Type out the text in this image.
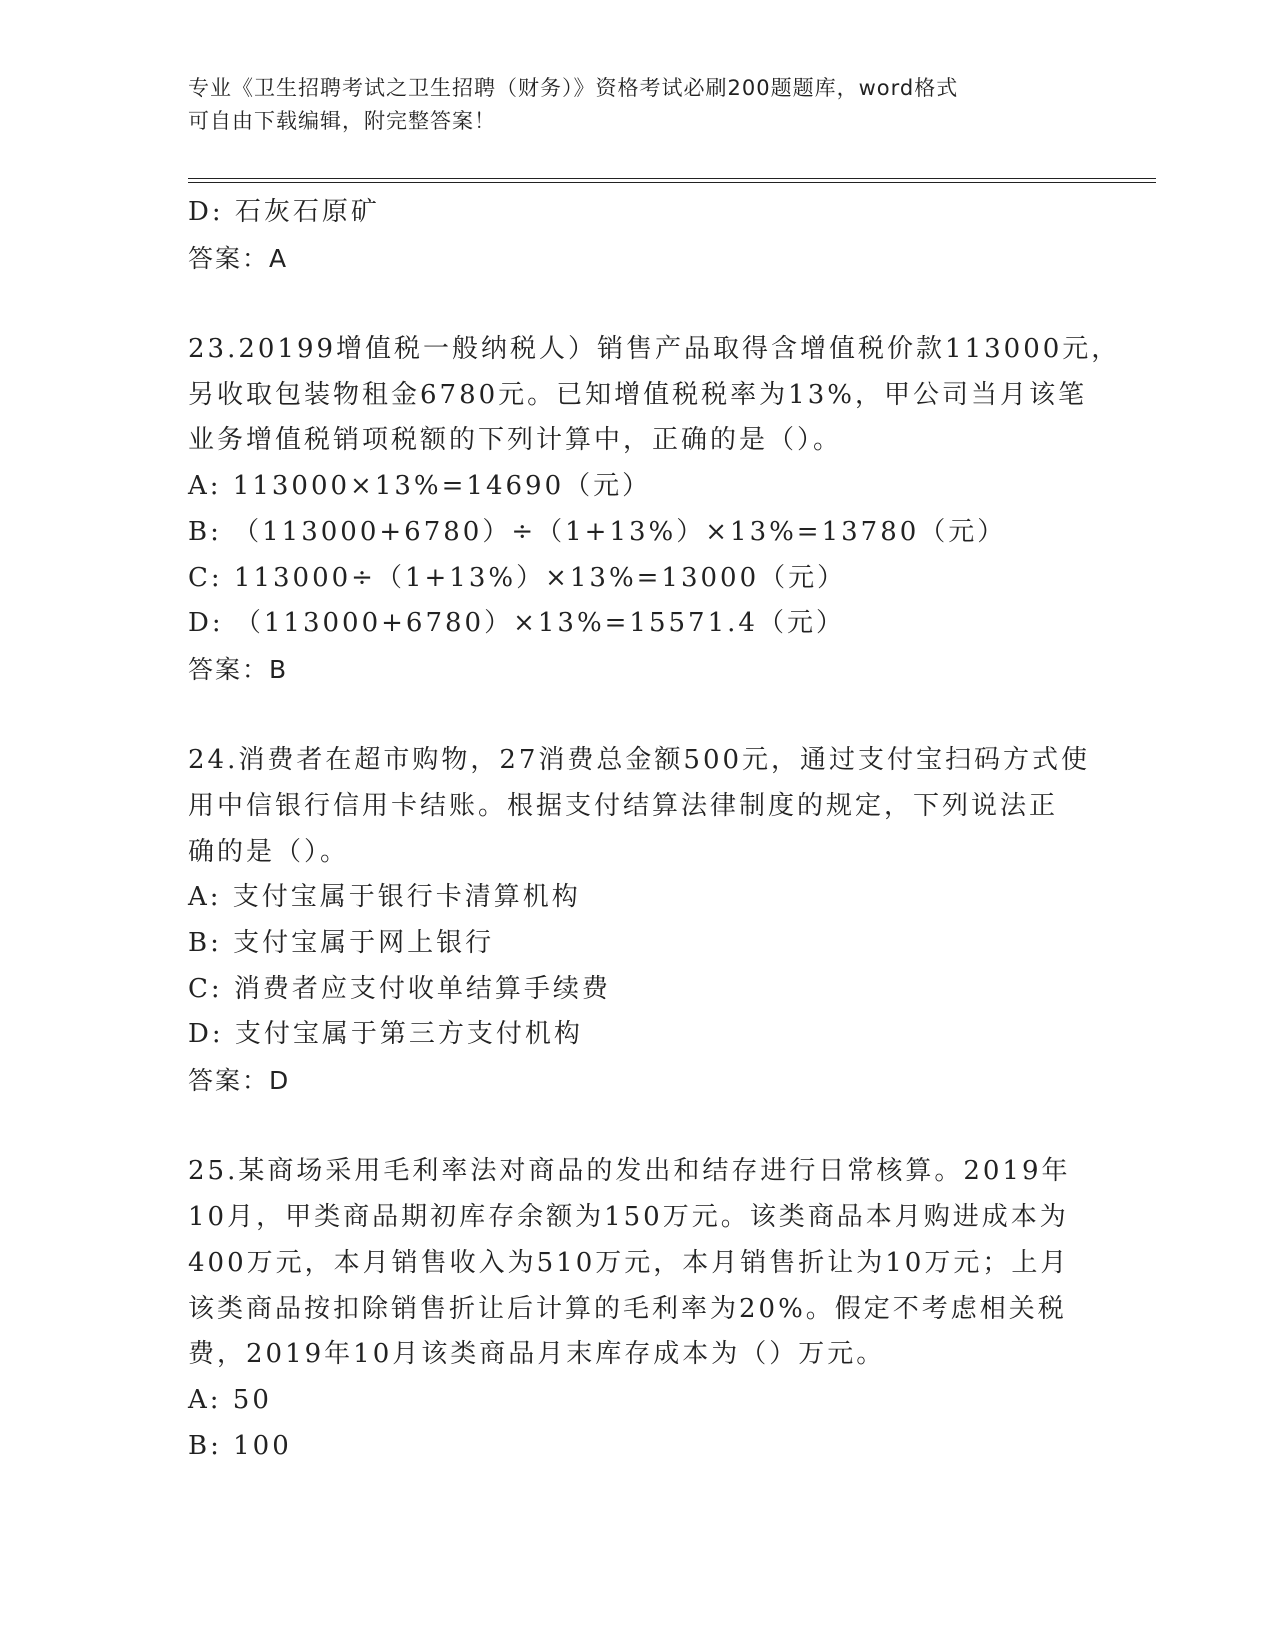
专业《卫生招聘考试之卫生招聘（财务）》资格考试必刷200题题库，word格式
可自由下载编辑，附完整答案！
D: 石灰石原矿
答案：A
23.20199增值税一般纳税人）销售产品取得含增值税价款113000元，
另收取包装物租金6780元。已知增值税税率为13%，甲公司当月该笔
业务增值税销项税额的下列计算中，正确的是（）。
A: 113000×13%=14690（元）
B: （113000+6780）÷（1+13%）×13%=13780（元）
C: 113000÷（1+13%）×13%=13000（元）
D: （113000+6780）×13%=15571.4（元）
答案：B
24.消费者在超市购物，27消费总金额500元，通过支付宝扫码方式使
用中信银行信用卡结账。根据支付结算法律制度的规定，下列说法正
确的是（）。
A: 支付宝属于银行卡清算机构
B: 支付宝属于网上银行
C: 消费者应支付收单结算手续费
D: 支付宝属于第三方支付机构
答案：D
25.某商场采用毛利率法对商品的发出和结存进行日常核算。2019年
10月，甲类商品期初库存余额为150万元。该类商品本月购进成本为
400万元，本月销售收入为510万元，本月销售折让为10万元；上月
该类商品按扣除销售折让后计算的毛利率为20%。假定不考虑相关税
费，2019年10月该类商品月末库存成本为（）万元。
A: 50
B: 100
